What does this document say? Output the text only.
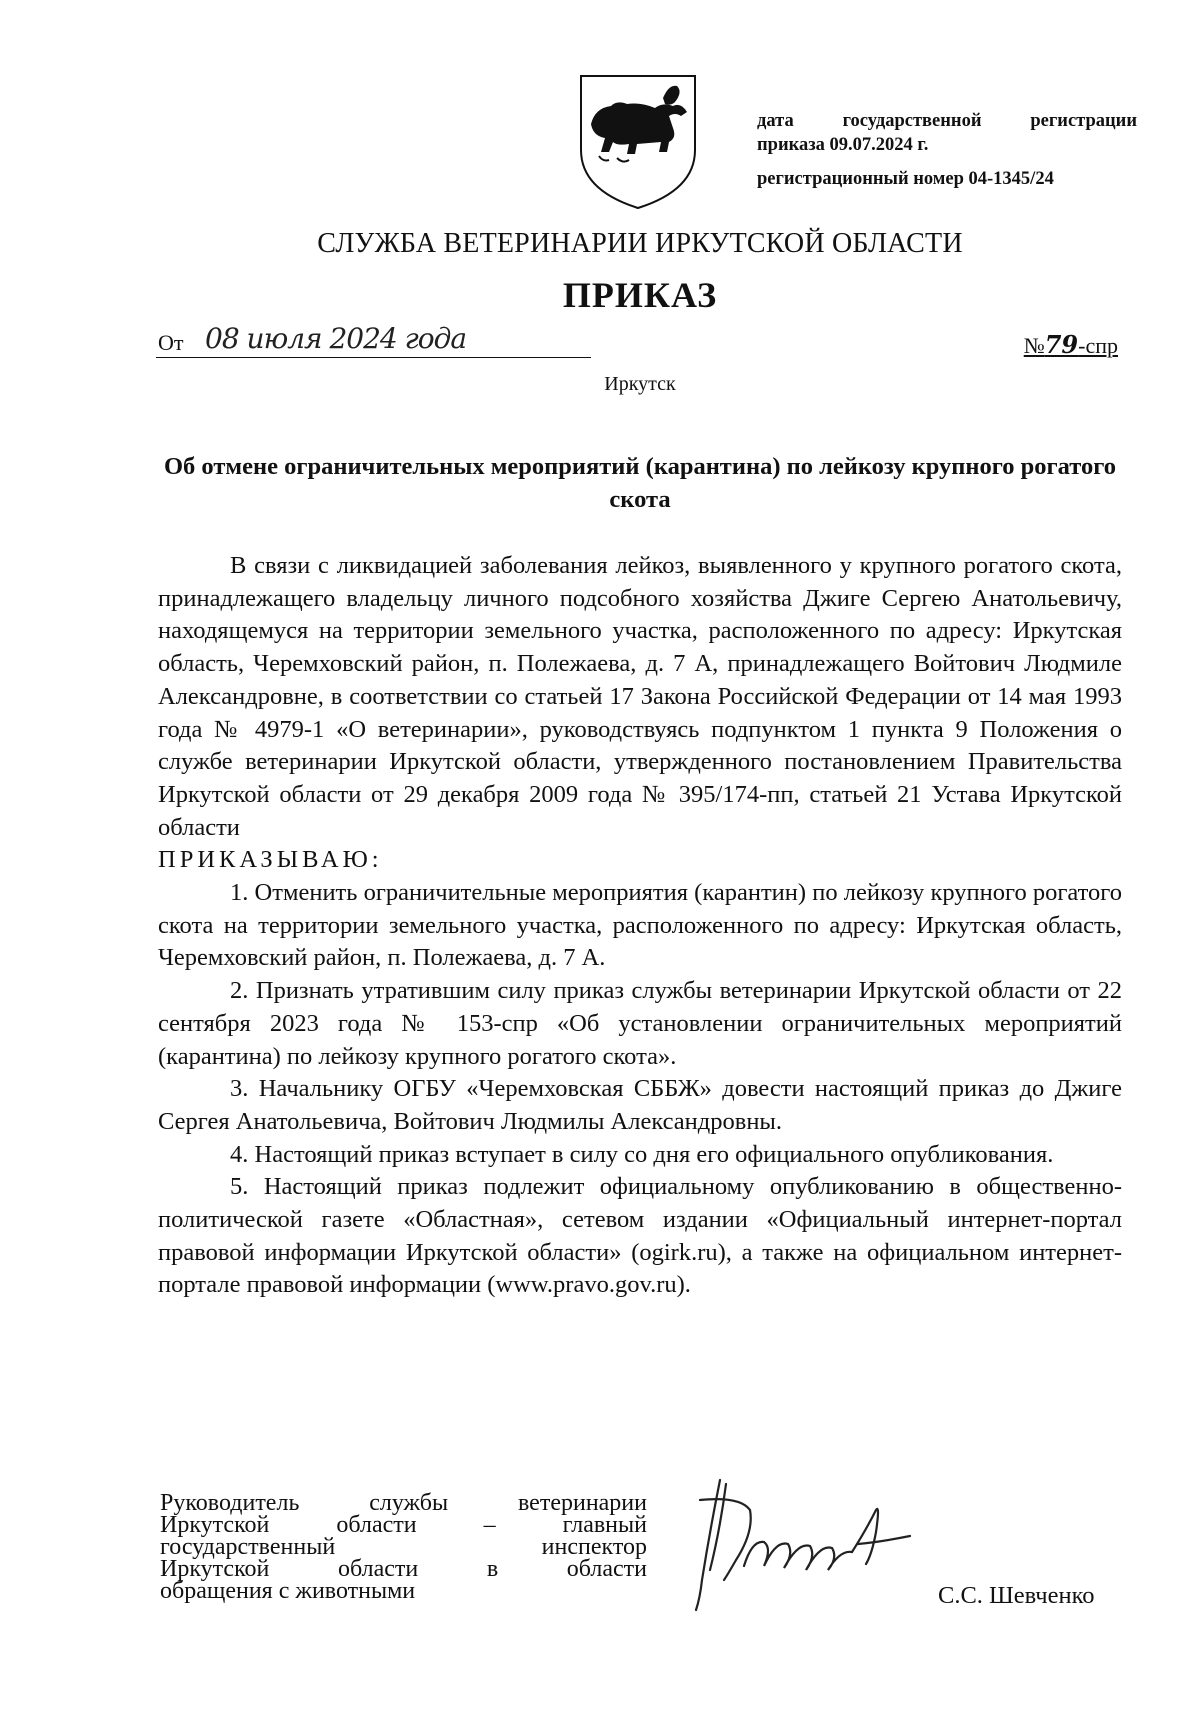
дата государственной регистрации
приказа 09.07.2024 г.
регистрационный номер 04-1345/24
СЛУЖБА ВЕТЕРИНАРИИ ИРКУТСКОЙ ОБЛАСТИ
ПРИКАЗ
От 08 июля 2024 года	№79-спр
Иркутск
Об отмене ограничительных мероприятий (карантина) по лейкозу крупного рогатого скота

В связи с ликвидацией заболевания лейкоз, выявленного у крупного рогатого скота, принадлежащего владельцу личного подсобного хозяйства Джиге Сергею Анатольевичу, находящемуся на территории земельного участка, расположенного по адресу: Иркутская область, Черемховский район, п. Полежаева, д. 7 А, принадлежащего Войтович Людмиле Александровне, в соответствии со статьей 17 Закона Российской Федерации от 14 мая 1993 года № 4979-1 «О ветеринарии», руководствуясь подпунктом 1 пункта 9 Положения о службе ветеринарии Иркутской области, утвержденного постановлением Правительства Иркутской области от 29 декабря 2009 года № 395/174-пп, статьей 21 Устава Иркутской области

ПРИКАЗЫВАЮ:

1. Отменить ограничительные мероприятия (карантин) по лейкозу крупного рогатого скота на территории земельного участка, расположенного по адресу: Иркутская область, Черемховский район, п. Полежаева, д. 7 А.

2. Признать утратившим силу приказ службы ветеринарии Иркутской области от 22 сентября 2023 года № 153-спр «Об установлении ограничительных мероприятий (карантина) по лейкозу крупного рогатого скота».

3. Начальнику ОГБУ «Черемховская СББЖ» довести настоящий приказ до Джиге Сергея Анатольевича, Войтович Людмилы Александровны.

4. Настоящий приказ вступает в силу со дня его официального опубликования.

5. Настоящий приказ подлежит официальному опубликованию в общественно-политической газете «Областная», сетевом издании «Официальный интернет-портал правовой информации Иркутской области» (ogirk.ru), а также на официальном интернет-портале правовой информации (www.pravo.gov.ru).

Руководитель службы ветеринарии
Иркутской области – главный
государственный инспектор
Иркутской области в области
обращения с животными	С.С. Шевченко
